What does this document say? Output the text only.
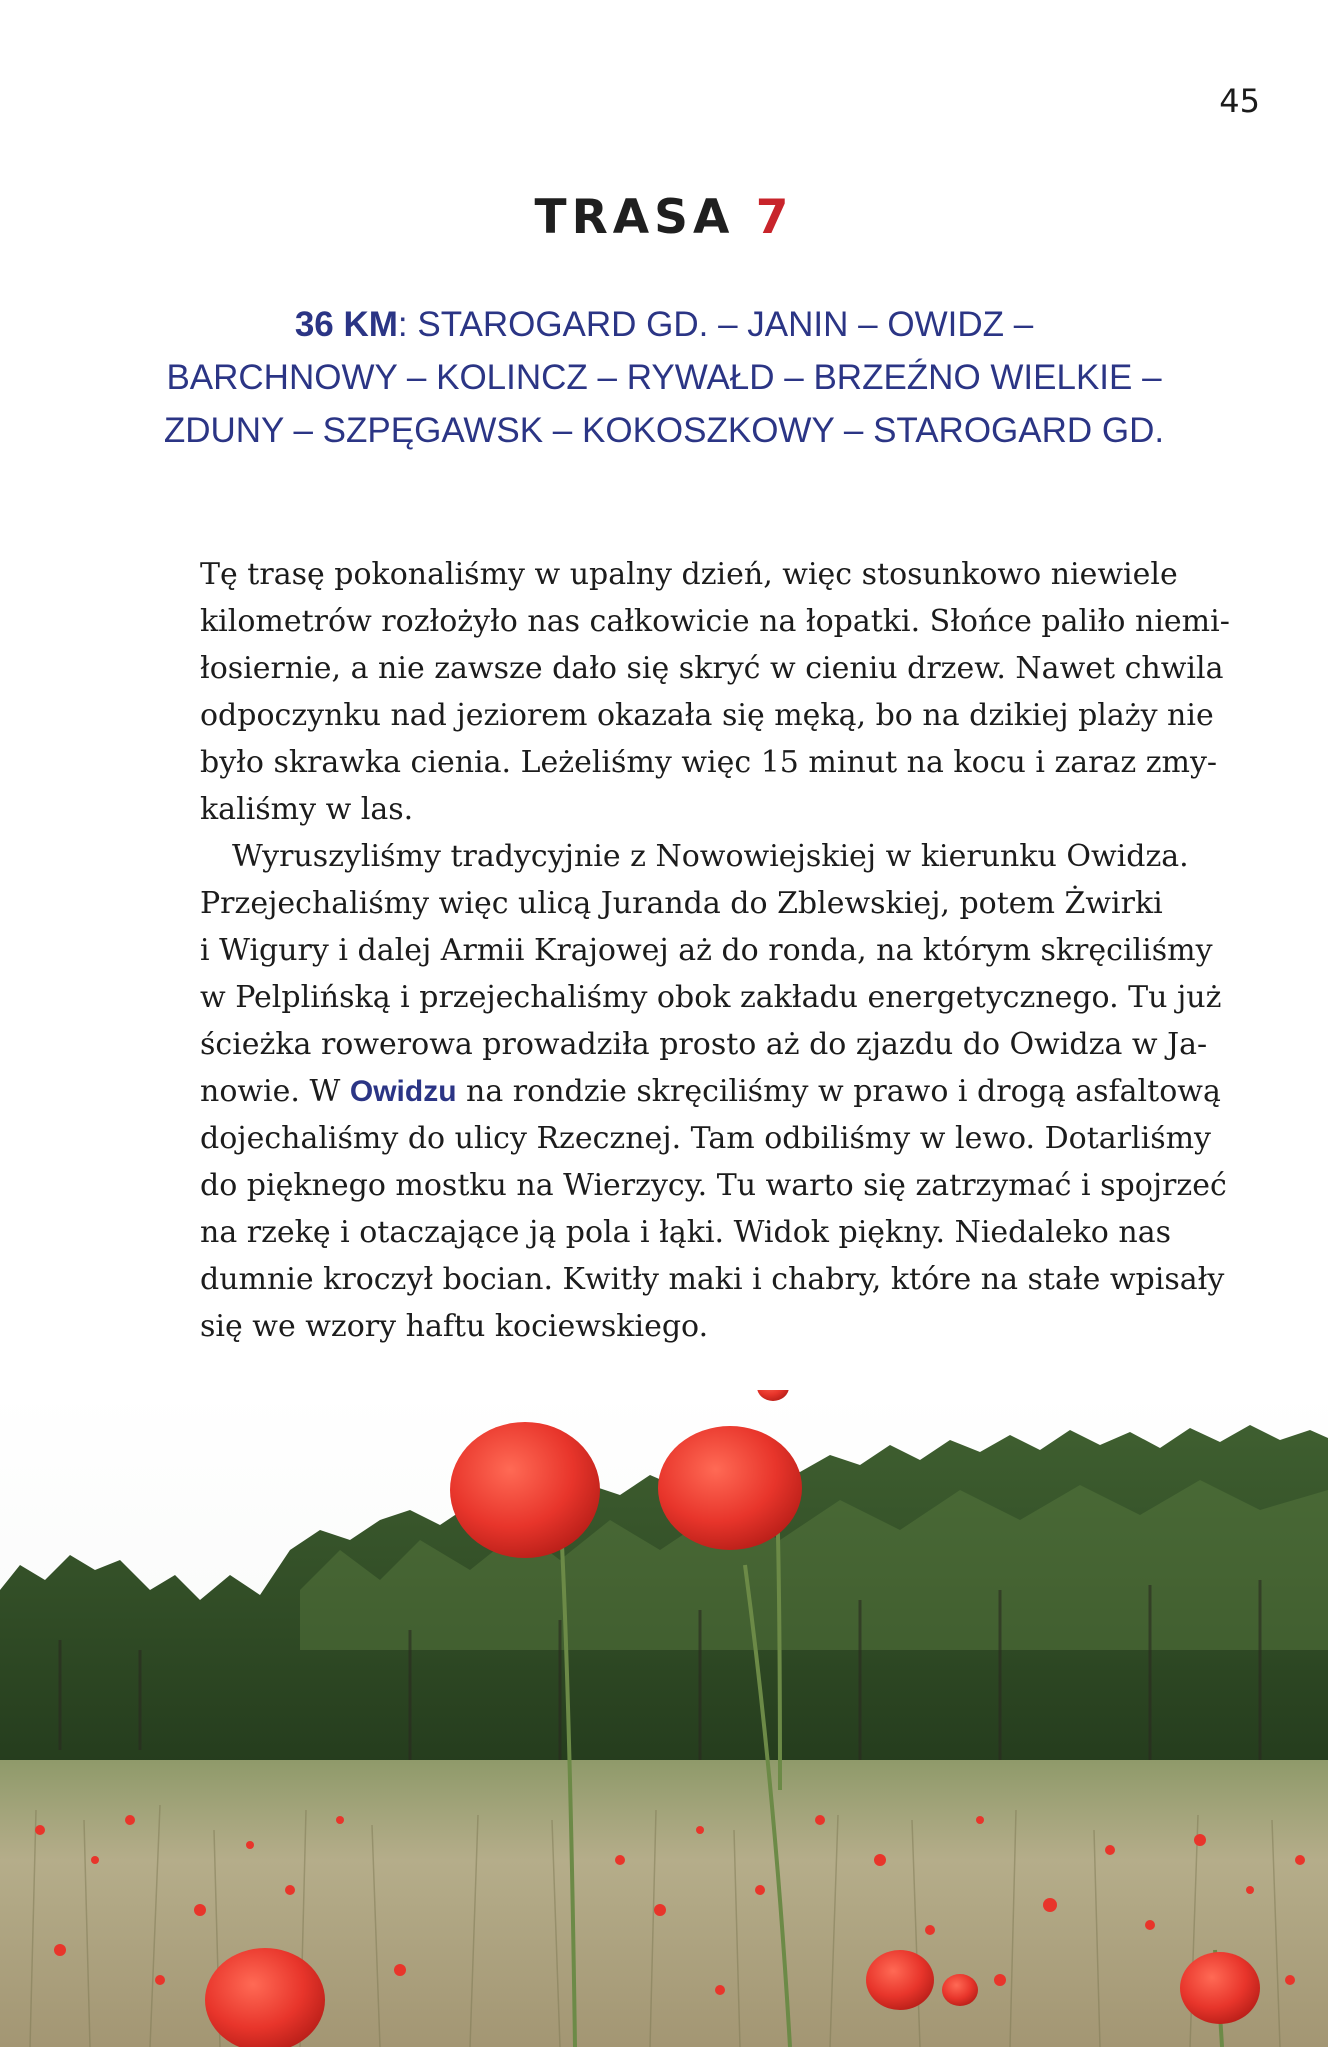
45
TRASA 7
36 KM: STAROGARD GD. – JANIN – OWIDZ –
BARCHNOWY – KOLINCZ – RYWAŁD – BRZEŹNO WIELKIE –
ZDUNY – SZPĘGAWSK – KOKOSZKOWY – STAROGARD GD.
Tę trasę pokonaliśmy w upalny dzień, więc stosunkowo niewiele
kilometrów rozłożyło nas całkowicie na łopatki. Słońce paliło niemi-
łosiernie, a nie zawsze dało się skryć w cieniu drzew. Nawet chwila
odpoczynku nad jeziorem okazała się męką, bo na dzikiej plaży nie
było skrawka cienia. Leżeliśmy więc 15 minut na kocu i zaraz zmy-
kaliśmy w las.
Wyruszyliśmy tradycyjnie z Nowowiejskiej w kierunku Owidza.
Przejechaliśmy więc ulicą Juranda do Zblewskiej, potem Żwirki
i Wigury i dalej Armii Krajowej aż do ronda, na którym skręciliśmy
w Pelplińską i przejechaliśmy obok zakładu energetycznego. Tu już
ścieżka rowerowa prowadziła prosto aż do zjazdu do Owidza w Ja-
nowie. W Owidzu na rondzie skręciliśmy w prawo i drogą asfaltową
dojechaliśmy do ulicy Rzecznej. Tam odbiliśmy w lewo. Dotarliśmy
do pięknego mostku na Wierzycy. Tu warto się zatrzymać i spojrzeć
na rzekę i otaczające ją pola i łąki. Widok piękny. Niedaleko nas
dumnie kroczył bocian. Kwitły maki i chabry, które na stałe wpisały
się we wzory haftu kociewskiego.
